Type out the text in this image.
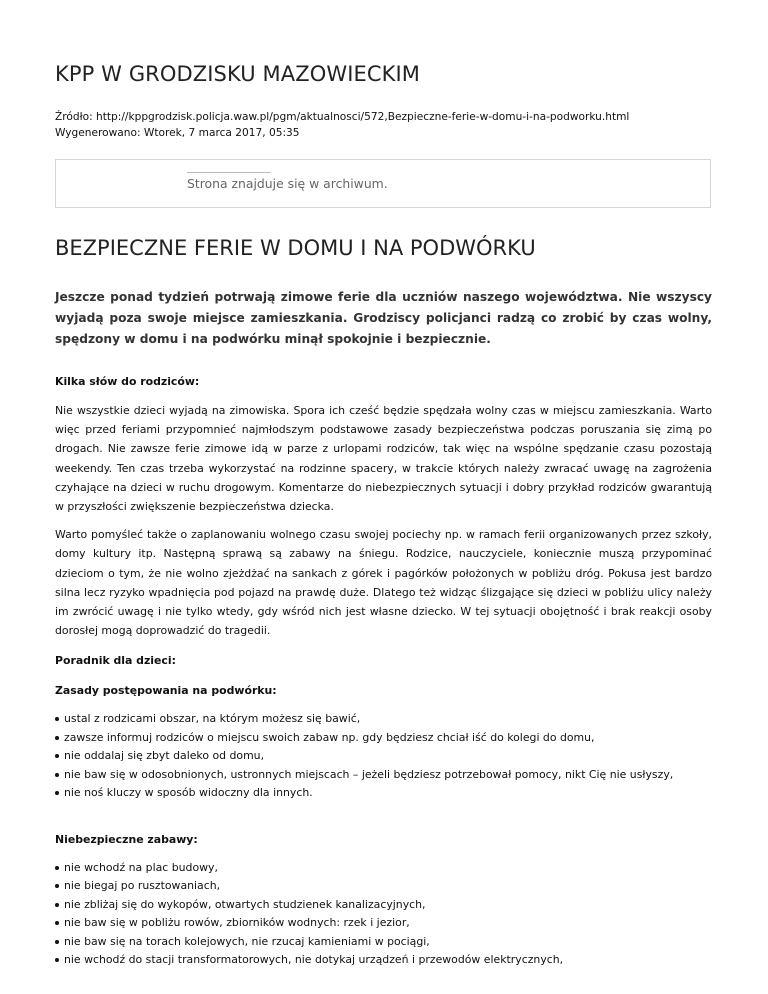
KPP W GRODZISKU MAZOWIECKIM
Źródło: http://kppgrodzisk.policja.waw.pl/pgm/aktualnosci/572,Bezpieczne-ferie-w-domu-i-na-podworku.html
Wygenerowano: Wtorek, 7 marca 2017, 05:35
Strona znajduje się w archiwum.
BEZPIECZNE FERIE W DOMU I NA PODWÓRKU

Jeszcze ponad tydzień potrwają zimowe ferie dla uczniów naszego województwa. Nie wszyscy wyjadą poza swoje miejsce zamieszkania. Grodziscy policjanci radzą co zrobić by czas wolny, spędzony w domu i na podwórku minął spokojnie i bezpiecznie.

Kilka słów do rodziców:

Nie wszystkie dzieci wyjadą na zimowiska. Spora ich cześć będzie spędzała wolny czas w miejscu zamieszkania. Warto więc przed feriami przypomnieć najmłodszym podstawowe zasady bezpieczeństwa podczas poruszania się zimą po drogach. Nie zawsze ferie zimowe idą w parze z urlopami rodziców, tak więc na wspólne spędzanie czasu pozostają weekendy. Ten czas trzeba wykorzystać na rodzinne spacery, w trakcie których należy zwracać uwagę na zagrożenia czyhające na dzieci w ruchu drogowym. Komentarze do niebezpiecznych sytuacji i dobry przykład rodziców gwarantują w przyszłości zwiększenie bezpieczeństwa dziecka.

Warto pomyśleć także o zaplanowaniu wolnego czasu swojej pociechy np. w ramach ferii organizowanych przez szkoły, domy kultury itp. Następną sprawą są zabawy na śniegu. Rodzice, nauczyciele, koniecznie muszą przypominać dzieciom o tym, że nie wolno zjeżdżać na sankach z górek i pagórków położonych w pobliżu dróg. Pokusa jest bardzo silna lecz ryzyko wpadnięcia pod pojazd na prawdę duże. Dlatego też widząc ślizgające się dzieci w pobliżu ulicy należy im zwrócić uwagę i nie tylko wtedy, gdy wśród nich jest własne dziecko. W tej sytuacji obojętność i brak reakcji osoby dorosłej mogą doprowadzić do tragedii.

Poradnik dla dzieci:

Zasady postępowania na podwórku:

ustal z rodzicami obszar, na którym możesz się bawić,
zawsze informuj rodziców o miejscu swoich zabaw np. gdy będziesz chciał iść do kolegi do domu,
nie oddalaj się zbyt daleko od domu,
nie baw się w odosobnionych, ustronnych miejscach – jeżeli będziesz potrzebował pomocy, nikt Cię nie usłyszy,
nie noś kluczy w sposób widoczny dla innych.

Niebezpieczne zabawy:

nie wchodź na plac budowy,
nie biegaj po rusztowaniach,
nie zbliżaj się do wykopów, otwartych studzienek kanalizacyjnych,
nie baw się w pobliżu rowów, zbiorników wodnych: rzek i jezior,
nie baw się na torach kolejowych, nie rzucaj kamieniami w pociągi,
nie wchodź do stacji transformatorowych, nie dotykaj urządzeń i przewodów elektrycznych,
